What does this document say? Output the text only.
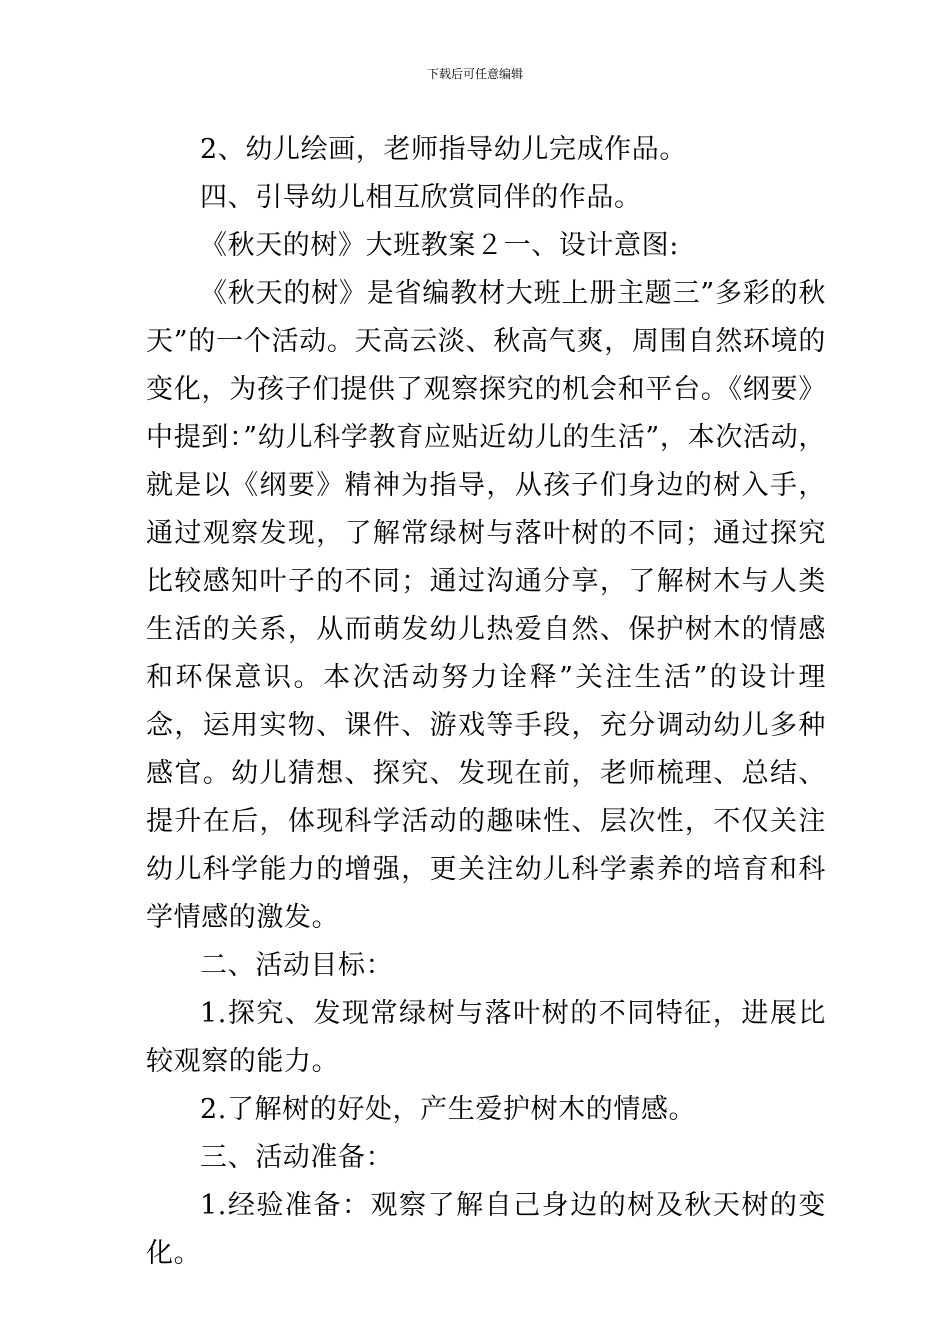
下载后可任意编辑

2、幼儿绘画，老师指导幼儿完成作品。

四、引导幼儿相互欣赏同伴的作品。

《秋天的树》大班教案２一、设计意图:

《秋天的树》是省编教材大班上册主题三”多彩的秋天”的一个活动。天高云淡、秋高气爽，周围自然环境的变化，为孩子们提供了观察探究的机会和平台。《纲要》中提到：”幼儿科学教育应贴近幼儿的生活”，本次活动，就是以《纲要》精神为指导，从孩子们身边的树入手，通过观察发现，了解常绿树与落叶树的不同；通过探究比较感知叶子的不同；通过沟通分享，了解树木与人类生活的关系，从而萌发幼儿热爱自然、保护树木的情感和环保意识。本次活动努力诠释”关注生活”的设计理念，运用实物、课件、游戏等手段，充分调动幼儿多种感官。幼儿猜想、探究、发现在前，老师梳理、总结、提升在后，体现科学活动的趣味性、层次性，不仅关注幼儿科学能力的增强，更关注幼儿科学素养的培育和科学情感的激发。

二、活动目标：

1.探究、发现常绿树与落叶树的不同特征，进展比较观察的能力。

2.了解树的好处，产生爱护树木的情感。

三、活动准备：

1.经验准备：观察了解自己身边的树及秋天树的变化。
